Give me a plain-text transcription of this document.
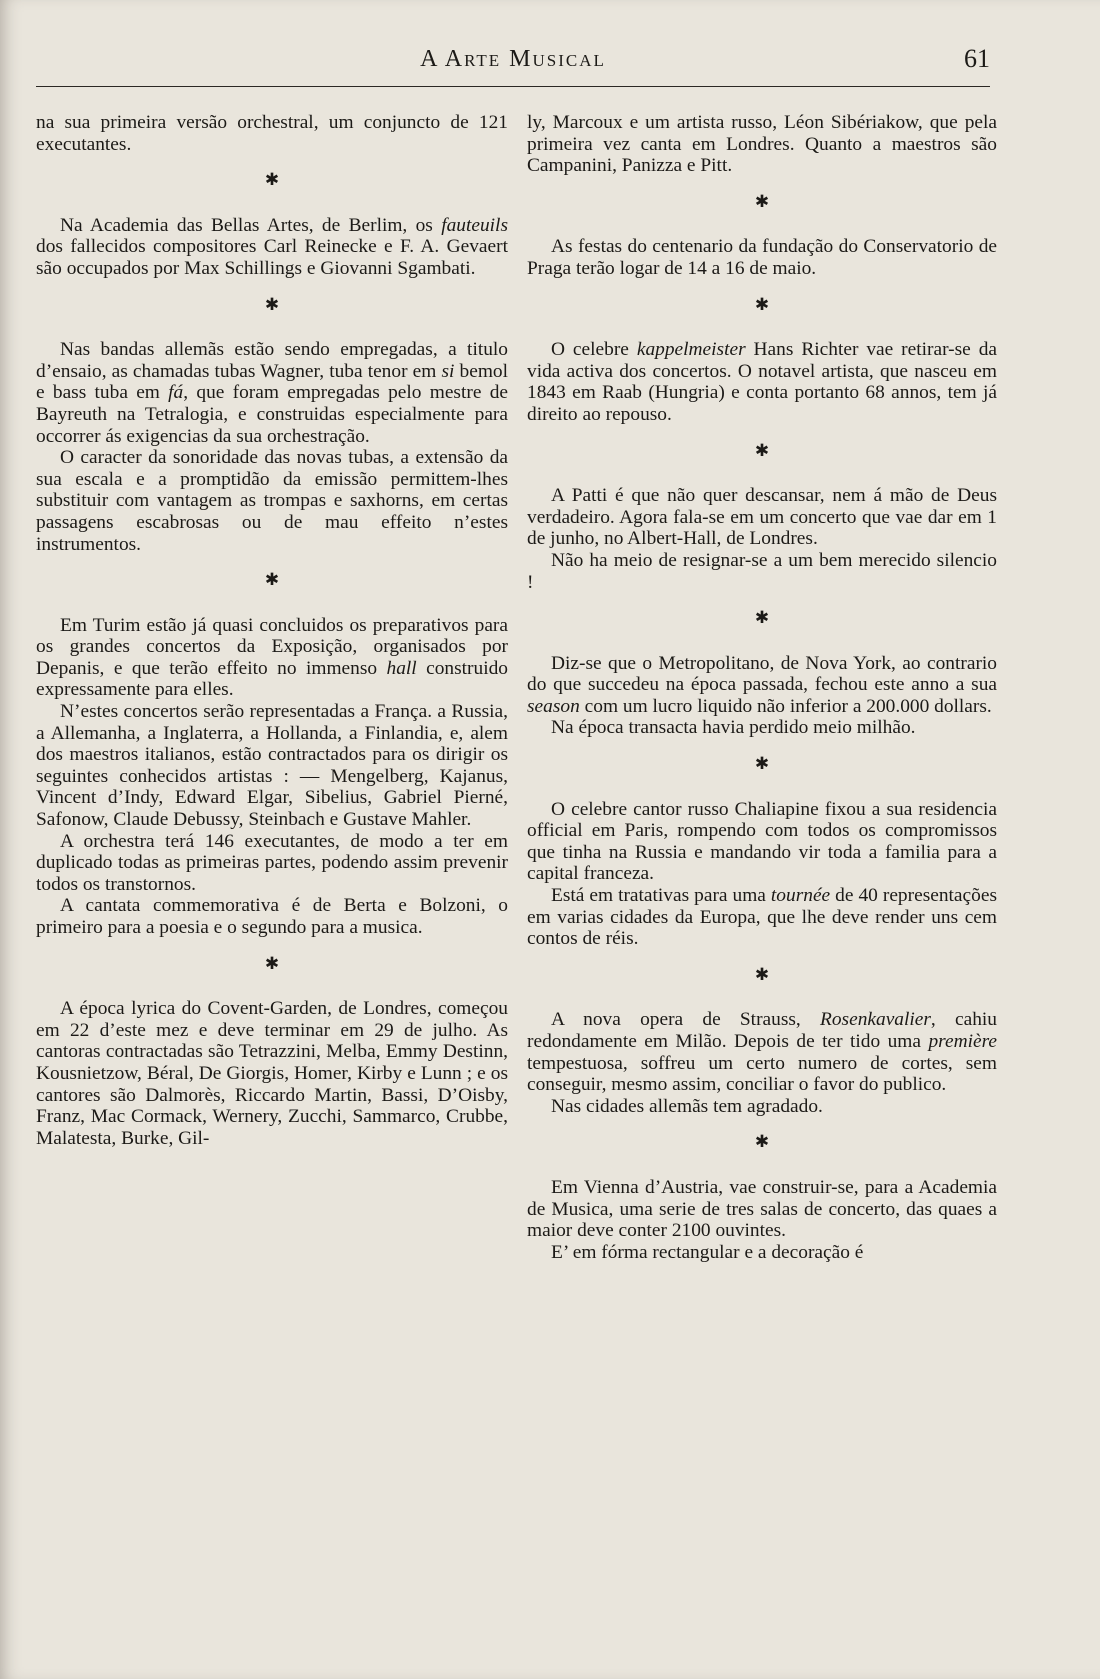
A Arte Musical	61

na sua primeira versão orchestral, um conjuncto de 121 executantes.

✱

Na Academia das Bellas Artes, de Berlim, os fauteuils dos fallecidos compositores Carl Reinecke e F. A. Gevaert são occupados por Max Schillings e Giovanni Sgambati.

✱

Nas bandas allemãs estão sendo empregadas, a titulo d’ensaio, as chamadas tubas Wagner, tuba tenor em si bemol e bass tuba em fá, que foram empregadas pelo mestre de Bayreuth na Tetralogia, e construidas especialmente para occorrer ás exigencias da sua orchestração.

O caracter da sonoridade das novas tubas, a extensão da sua escala e a promptidão da emissão permittem-lhes substituir com vantagem as trompas e saxhorns, em certas passagens escabrosas ou de mau effeito n’estes instrumentos.

✱

Em Turim estão já quasi concluidos os preparativos para os grandes concertos da Exposição, organisados por Depanis, e que terão effeito no immenso hall construido expressamente para elles.

N’estes concertos serão representadas a França. a Russia, a Allemanha, a Inglaterra, a Hollanda, a Finlandia, e, alem dos maestros italianos, estão contractados para os dirigir os seguintes conhecidos artistas : — Mengelberg, Kajanus, Vincent d’Indy, Edward Elgar, Sibelius, Gabriel Pierné, Safonow, Claude Debussy, Steinbach e Gustave Mahler.

A orchestra terá 146 executantes, de modo a ter em duplicado todas as primeiras partes, podendo assim prevenir todos os transtornos.

A cantata commemorativa é de Berta e Bolzoni, o primeiro para a poesia e o segundo para a musica.

✱

A época lyrica do Covent-Garden, de Londres, começou em 22 d’este mez e deve terminar em 29 de julho. As cantoras contractadas são Tetrazzini, Melba, Emmy Destinn, Kousnietzow, Béral, De Giorgis, Homer, Kirby e Lunn ; e os cantores são Dalmorès, Riccardo Martin, Bassi, D’Oisby, Franz, Mac Cormack, Wernery, Zucchi, Sammarco, Crubbe, Malatesta, Burke, Gil-

ly, Marcoux e um artista russo, Léon Sibériakow, que pela primeira vez canta em Londres. Quanto a maestros são Campanini, Panizza e Pitt.

✱

As festas do centenario da fundação do Conservatorio de Praga terão logar de 14 a 16 de maio.

✱

O celebre kappelmeister Hans Richter vae retirar-se da vida activa dos concertos. O notavel artista, que nasceu em 1843 em Raab (Hungria) e conta portanto 68 annos, tem já direito ao repouso.

✱

A Patti é que não quer descansar, nem á mão de Deus verdadeiro. Agora fala-se em um concerto que vae dar em 1 de junho, no Albert-Hall, de Londres.

Não ha meio de resignar-se a um bem merecido silencio !

✱

Diz-se que o Metropolitano, de Nova York, ao contrario do que succedeu na época passada, fechou este anno a sua season com um lucro liquido não inferior a 200.000 dollars.

Na época transacta havia perdido meio milhão.

✱

O celebre cantor russo Chaliapine fixou a sua residencia official em Paris, rompendo com todos os compromissos que tinha na Russia e mandando vir toda a familia para a capital franceza.

Está em tratativas para uma tournée de 40 representações em varias cidades da Europa, que lhe deve render uns cem contos de réis.

✱

A nova opera de Strauss, Rosenkavalier, cahiu redondamente em Milão. Depois de ter tido uma première tempestuosa, soffreu um certo numero de cortes, sem conseguir, mesmo assim, conciliar o favor do publico.

Nas cidades allemãs tem agradado.

✱

Em Vienna d’Austria, vae construir-se, para a Academia de Musica, uma serie de tres salas de concerto, das quaes a maior deve conter 2100 ouvintes.

E’ em fórma rectangular e a decoração é
